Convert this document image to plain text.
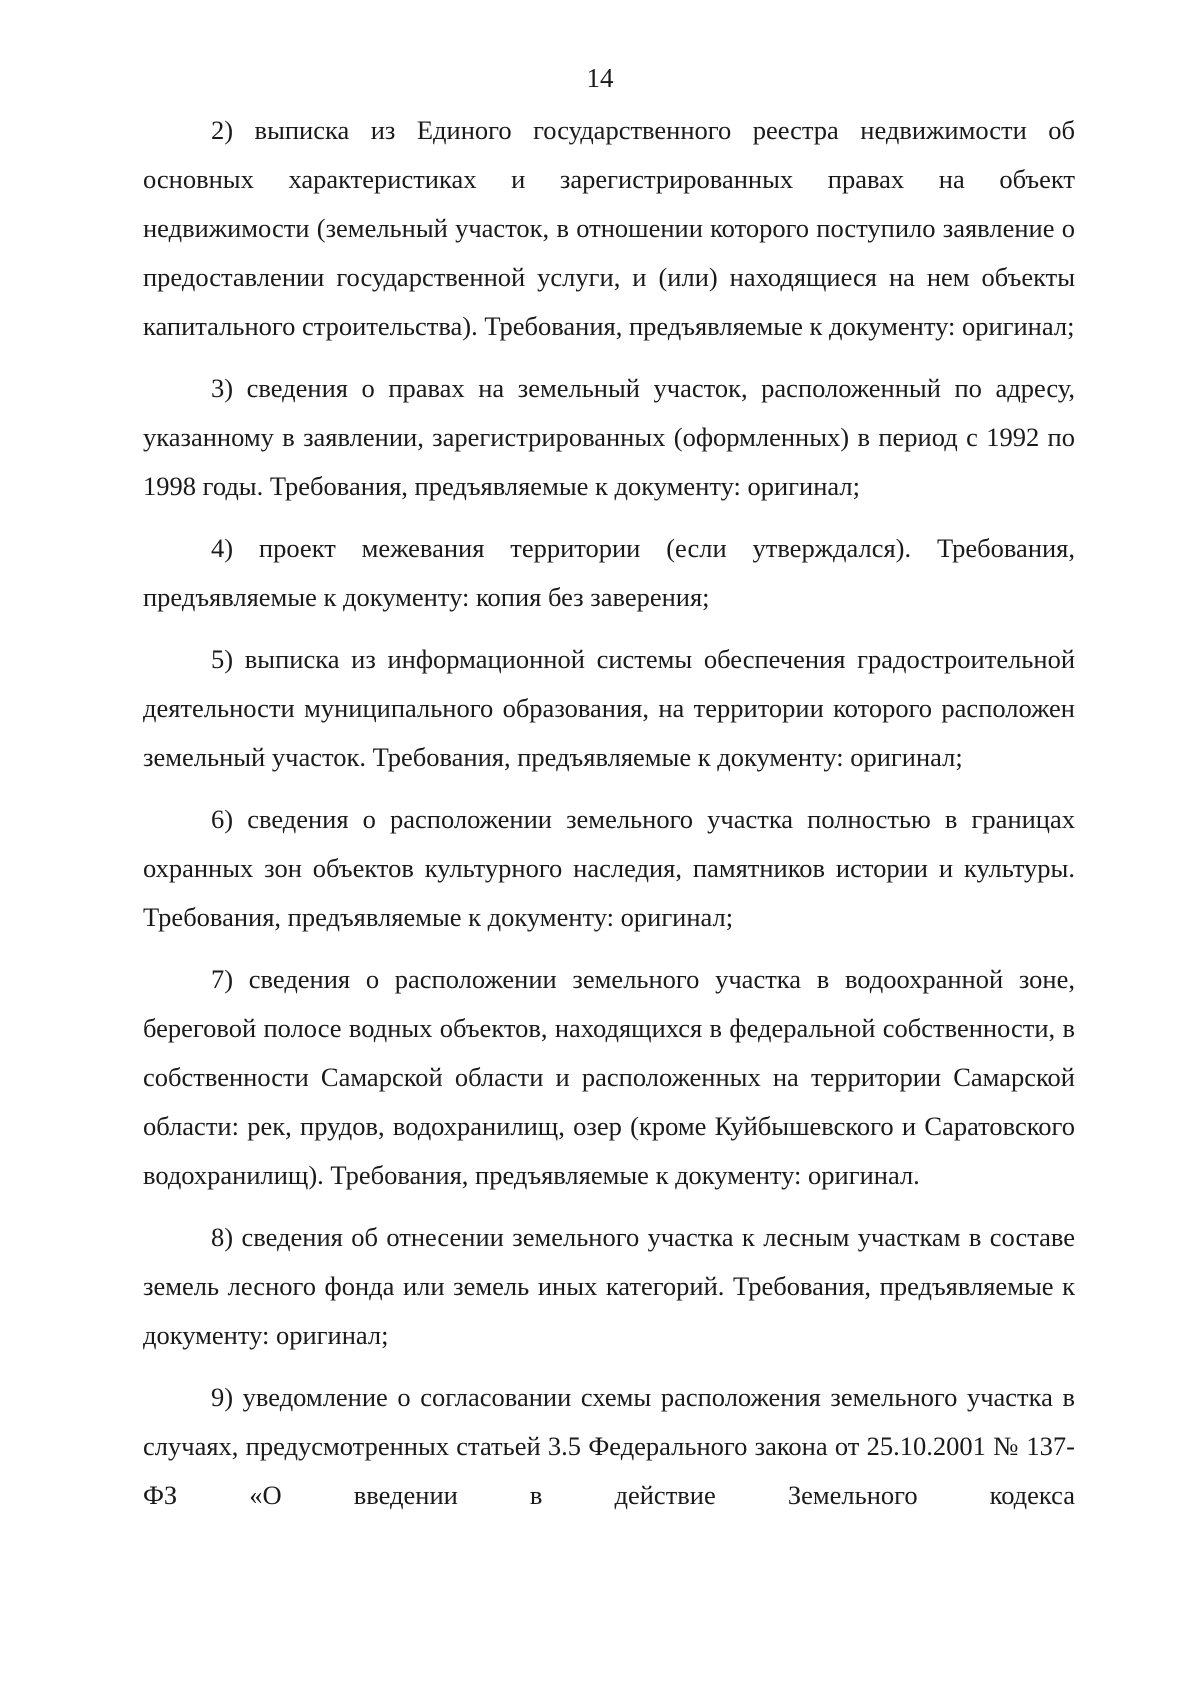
14

2) выписка из Единого государственного реестра недвижимости об основных характеристиках и зарегистрированных правах на объект недвижимости (земельный участок, в отношении которого поступило заявление о предоставлении государственной услуги, и (или) находящиеся на нем объекты капитального строительства). Требования, предъявляемые к документу: оригинал;

3) сведения о правах на земельный участок, расположенный по адресу, указанному в заявлении, зарегистрированных (оформленных) в период с 1992 по 1998 годы. Требования, предъявляемые к документу: оригинал;

4) проект межевания территории (если утверждался). Требования, предъявляемые к документу: копия без заверения;

5) выписка из информационной системы обеспечения градостроительной деятельности муниципального образования, на территории которого расположен земельный участок. Требования, предъявляемые к документу: оригинал;

6) сведения о расположении земельного участка полностью в границах охранных зон объектов культурного наследия, памятников истории и культуры. Требования, предъявляемые к документу: оригинал;

7) сведения о расположении земельного участка в водоохранной зоне, береговой полосе водных объектов, находящихся в федеральной собственности, в собственности Самарской области и расположенных на территории Самарской области: рек, прудов, водохранилищ, озер (кроме Куйбышевского и Саратовского водохранилищ). Требования, предъявляемые к документу: оригинал.

8) сведения об отнесении земельного участка к лесным участкам в составе земель лесного фонда или земель иных категорий. Требования, предъявляемые к документу: оригинал;

9) уведомление о согласовании схемы расположения земельного участка в случаях, предусмотренных статьей 3.5 Федерального закона от 25.10.2001 № 137-ФЗ «О введении в действие Земельного кодекса
